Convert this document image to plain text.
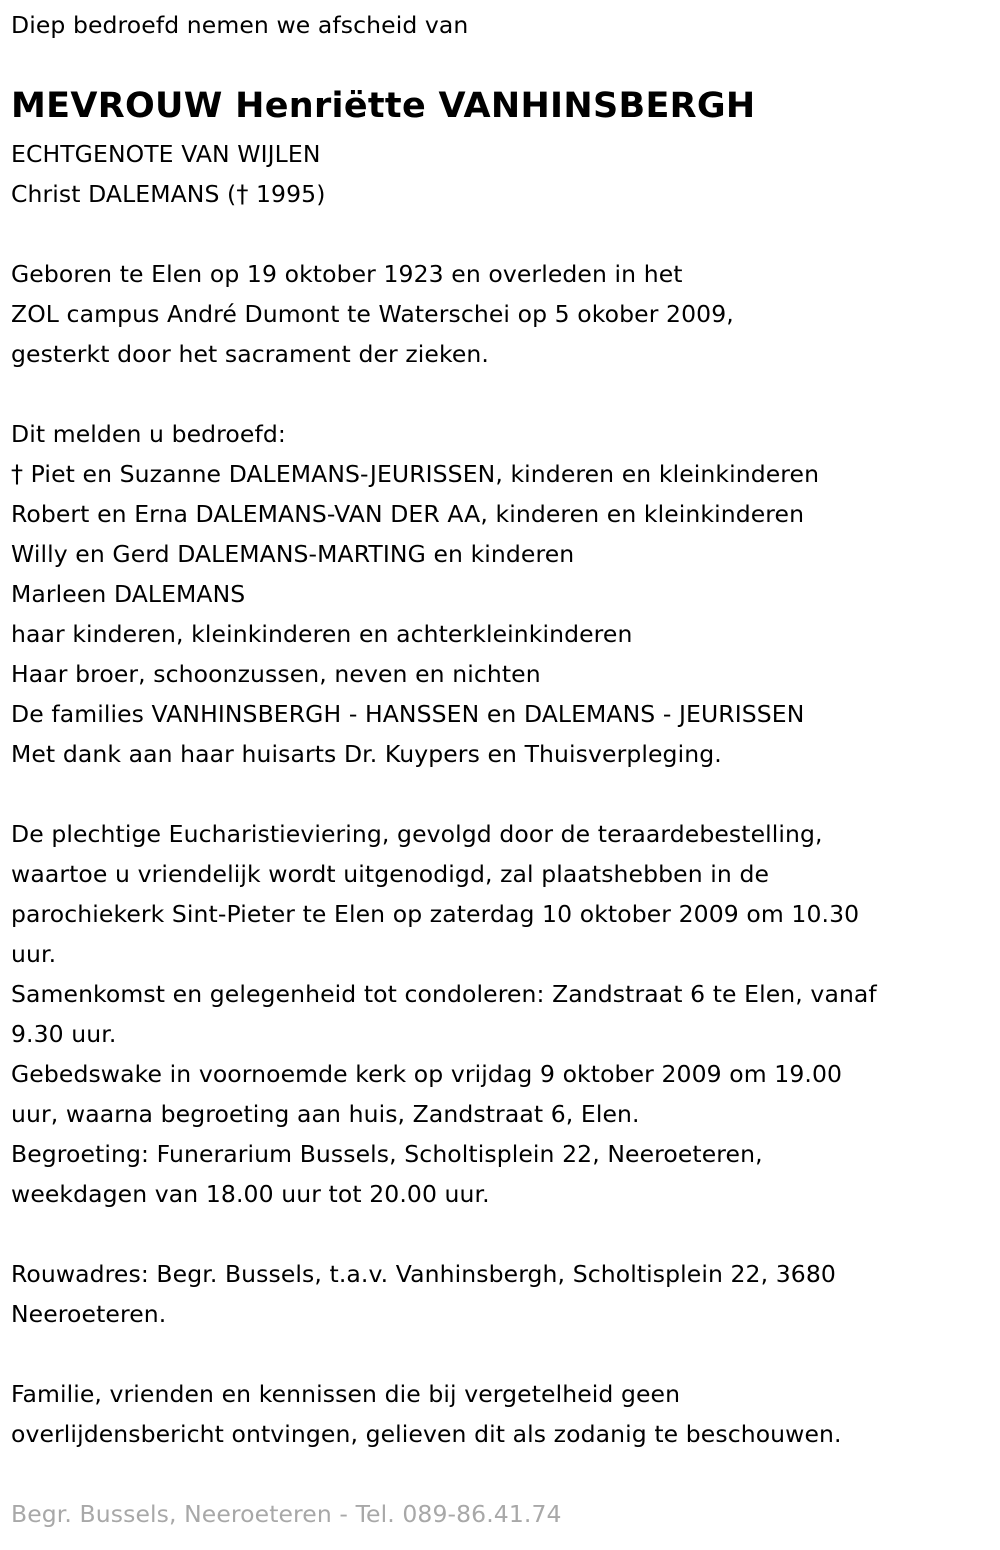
Diep bedroefd nemen we afscheid van
MEVROUW Henriëtte VANHINSBERGH
ECHTGENOTE VAN WIJLEN
Christ DALEMANS († 1995)
Geboren te Elen op 19 oktober 1923 en overleden in het
ZOL campus André Dumont te Waterschei op 5 okober 2009,
gesterkt door het sacrament der zieken.
Dit melden u bedroefd:
† Piet en Suzanne DALEMANS-JEURISSEN, kinderen en kleinkinderen
Robert en Erna DALEMANS-VAN DER AA, kinderen en kleinkinderen
Willy en Gerd DALEMANS-MARTING en kinderen
Marleen DALEMANS
haar kinderen, kleinkinderen en achterkleinkinderen
Haar broer, schoonzussen, neven en nichten
De families VANHINSBERGH - HANSSEN en DALEMANS - JEURISSEN
Met dank aan haar huisarts Dr. Kuypers en Thuisverpleging.
De plechtige Eucharistieviering, gevolgd door de teraardebestelling,
waartoe u vriendelijk wordt uitgenodigd, zal plaatshebben in de
parochiekerk Sint-Pieter te Elen op zaterdag 10 oktober 2009 om 10.30
uur.
Samenkomst en gelegenheid tot condoleren: Zandstraat 6 te Elen, vanaf
9.30 uur.
Gebedswake in voornoemde kerk op vrijdag 9 oktober 2009 om 19.00
uur, waarna begroeting aan huis, Zandstraat 6, Elen.
Begroeting: Funerarium Bussels, Scholtisplein 22, Neeroeteren,
weekdagen van 18.00 uur tot 20.00 uur.
Rouwadres: Begr. Bussels, t.a.v. Vanhinsbergh, Scholtisplein 22, 3680
Neeroeteren.
Familie, vrienden en kennissen die bij vergetelheid geen
overlijdensbericht ontvingen, gelieven dit als zodanig te beschouwen.
Begr. Bussels, Neeroeteren - Tel. 089-86.41.74
